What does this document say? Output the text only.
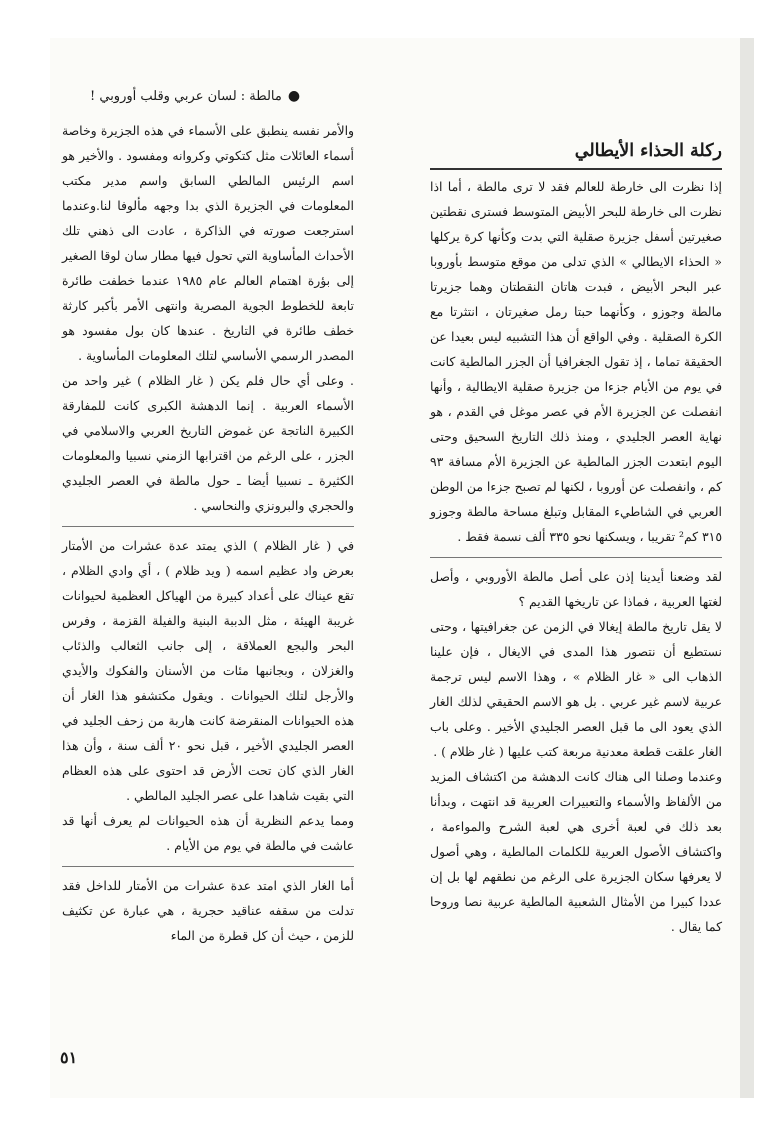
●
مالطة : لسان عربي وقلب أوروبي !
ركلة الحذاء الأيطالي

إذا نظرت الى خارطة للعالم فقد لا ترى مالطة ، أما اذا نظرت الى خارطة للبحر الأبيض المتوسط فسترى نقطتين صغيرتين أسفل جزيرة صقلية التي بدت وكأنها كرة يركلها « الحذاء الايطالي » الذي تدلى من موقع متوسط بأوروبا عبر البحر الأبيض ، فبدت هاتان النقطتان وهما جزيرتا مالطة وجوزو ، وكأنهما حبتا رمل صغيرتان ، انتثرتا مع الكرة الصقلية . وفي الواقع أن هذا التشبيه ليس بعيدا عن الحقيقة تماما ، إذ تقول الجغرافيا أن الجزر المالطية كانت في يوم من الأيام جزءا من جزيرة صقلية الايطالية ، وأنها انفصلت عن الجزيرة الأم في عصر موغل في القدم ، هو نهاية العصر الجليدي ، ومنذ ذلك التاريخ السحيق وحتى اليوم ابتعدت الجزر المالطية عن الجزيرة الأم مسافة ٩٣ كم ، وانفصلت عن أوروبا ، لكنها لم تصبح جزءا من الوطن العربي في الشاطيء المقابل وتبلغ مساحة مالطة وجوزو ٣١٥ كم² تقريبا ، ويسكنها نحو ٣٣٥ ألف نسمة فقط .

لقد وضعنا أيدينا إذن على أصل مالطة الأوروبي ، وأصل لغتها العربية ، فماذا عن تاريخها القديم ؟

لا يقل تاريخ مالطة إيغالا في الزمن عن جغرافيتها ، وحتى نستطيع أن نتصور هذا المدى في الايغال ، فإن علينا الذهاب الى « غار الظلام » ، وهذا الاسم ليس ترجمة عربية لاسم غير عربي . بل هو الاسم الحقيقي لذلك الغار الذي يعود الى ما قبل العصر الجليدي الأخير . وعلى باب الغار علقت قطعة معدنية مربعة كتب عليها ( غار ظلام ) .

وعندما وصلنا الى هناك كانت الدهشة من اكتشاف المزيد من الألفاظ والأسماء والتعبيرات العربية قد انتهت ، وبدأنا بعد ذلك في لعبة أخرى هي لعبة الشرح والمواءمة ، واكتشاف الأصول العربية للكلمات المالطية ، وهي أصول لا يعرفها سكان الجزيرة على الرغم من نطقهم لها بل إن عددا كبيرا من الأمثال الشعبية المالطية عربية نصا وروحا كما يقال .

والأمر نفسه ينطبق على الأسماء في هذه الجزيرة وخاصة أسماء العائلات مثل كتكوتي وكروانه ومفسود . والأخير هو اسم الرئيس المالطي السابق واسم مدير مكتب المعلومات في الجزيرة الذي بدا وجهه مألوفا لنا.وعندما استرجعت صورته في الذاكرة ، عادت الى ذهني تلك الأحداث المأساوية التي تحول فيها مطار سان لوقا الصغير إلى بؤرة اهتمام العالم عام ١٩٨٥ عندما خطفت طائرة تابعة للخطوط الجوية المصرية وانتهى الأمر بأكبر كارثة خطف طائرة في التاريخ . عندها كان بول مفسود هو المصدر الرسمي الأساسي لتلك المعلومات المأساوية .

. وعلى أي حال فلم يكن ( غار الظلام ) غير واحد من الأسماء العربية . إنما الدهشة الكبرى كانت للمفارقة الكبيرة الناتجة عن غموض التاريخ العربي والاسلامي في الجزر ، على الرغم من اقترابها الزمني نسبيا والمعلومات الكثيرة ـ نسبيا أيضا ـ حول مالطة في العصر الجليدي والحجري والبرونزي والنحاسي .

في ( غار الظلام ) الذي يمتد عدة عشرات من الأمتار بعرض واد عظيم اسمه ( ويد ظلام ) ، أي وادي الظلام ، تقع عيناك على أعداد كبيرة من الهياكل العظمية لحيوانات غريبة الهيئة ، مثل الدببة البنية والفيلة القزمة ، وفرس البحر والبجع العملاقة ، إلى جانب الثعالب والذئاب والغزلان ، وبجانبها مئات من الأسنان والفكوك والأيدي والأرجل لتلك الحيوانات . ويقول مكتشفو هذا الغار أن هذه الحيوانات المنقرضة كانت هاربة من زحف الجليد في العصر الجليدي الأخير ، قبل نحو ٢٠ ألف سنة ، وأن هذا الغار الذي كان تحت الأرض قد احتوى على هذه العظام التي بقيت شاهدا على عصر الجليد المالطي .

ومما يدعم النظرية أن هذه الحيوانات لم يعرف أنها قد عاشت في مالطة في يوم من الأيام .

أما الغار الذي امتد عدة عشرات من الأمتار للداخل فقد تدلت من سقفه عناقيد حجرية ، هي عبارة عن تكثيف للزمن ، حيث أن كل قطرة من الماء

٥١
